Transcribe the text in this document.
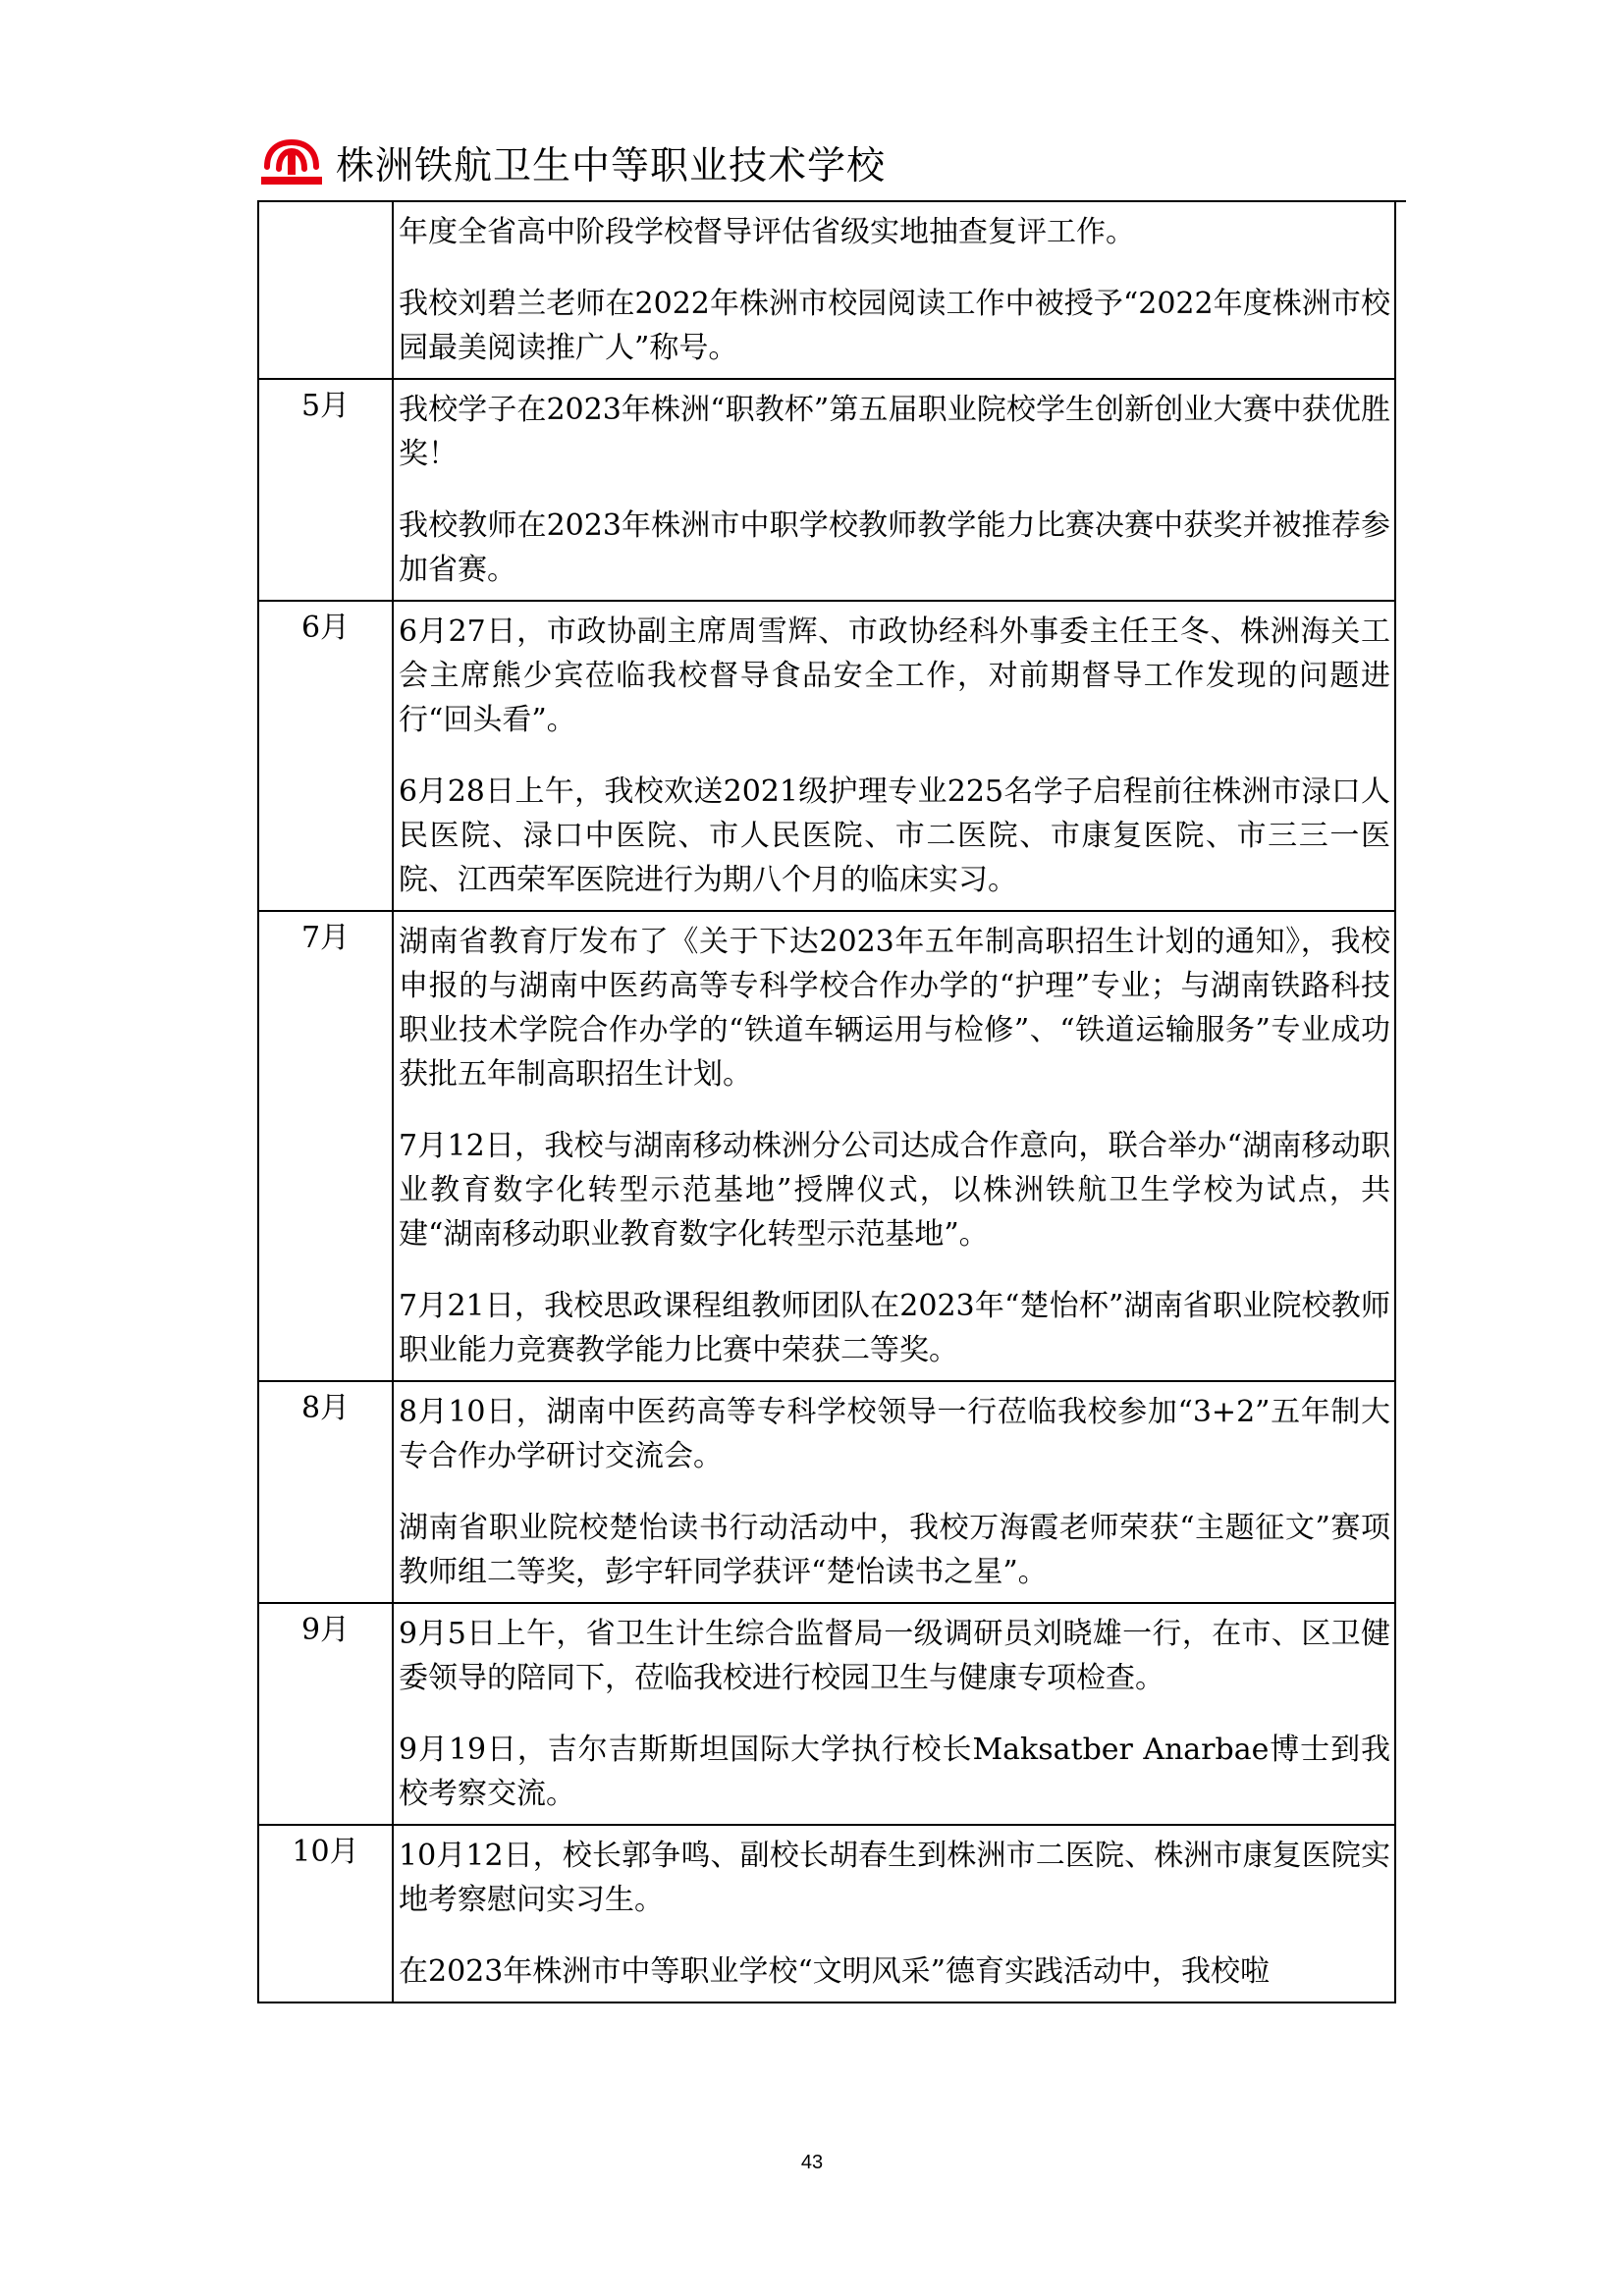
株洲铁航卫生中等职业技术学校

	年度全省高中阶段学校督导评估省级实地抽查复评工作。

我校刘碧兰老师在2022年株洲市校园阅读工作中被授予“2022年度株洲市校园最美阅读推广人”称号。

5月	我校学子在2023年株洲“职教杯”第五届职业院校学生创新创业大赛中获优胜奖！

我校教师在2023年株洲市中职学校教师教学能力比赛决赛中获奖并被推荐参加省赛。

6月	6月27日，市政协副主席周雪辉、市政协经科外事委主任王冬、株洲海关工会主席熊少宾莅临我校督导食品安全工作，对前期督导工作发现的问题进行“回头看”。

6月28日上午，我校欢送2021级护理专业225名学子启程前往株洲市渌口人民医院、渌口中医院、市人民医院、市二医院、市康复医院、市三三一医院、江西荣军医院进行为期八个月的临床实习。

7月	湖南省教育厅发布了《关于下达2023年五年制高职招生计划的通知》，我校申报的与湖南中医药高等专科学校合作办学的“护理”专业；与湖南铁路科技职业技术学院合作办学的“铁道车辆运用与检修”、“铁道运输服务”专业成功获批五年制高职招生计划。

7月12日，我校与湖南移动株洲分公司达成合作意向，联合举办“湖南移动职业教育数字化转型示范基地”授牌仪式，以株洲铁航卫生学校为试点，共建“湖南移动职业教育数字化转型示范基地”。

7月21日，我校思政课程组教师团队在2023年“楚怡杯”湖南省职业院校教师职业能力竞赛教学能力比赛中荣获二等奖。

8月	8月10日，湖南中医药高等专科学校领导一行莅临我校参加“3+2”五年制大专合作办学研讨交流会。

湖南省职业院校楚怡读书行动活动中，我校万海霞老师荣获“主题征文”赛项教师组二等奖，彭宇轩同学获评“楚怡读书之星”。

9月	9月5日上午，省卫生计生综合监督局一级调研员刘晓雄一行，在市、区卫健委领导的陪同下，莅临我校进行校园卫生与健康专项检查。

9月19日，吉尔吉斯斯坦国际大学执行校长Maksatber Anarbae博士到我校考察交流。

10月	10月12日，校长郭争鸣、副校长胡春生到株洲市二医院、株洲市康复医院实地考察慰问实习生。

在2023年株洲市中等职业学校“文明风采”德育实践活动中，我校啦

43
